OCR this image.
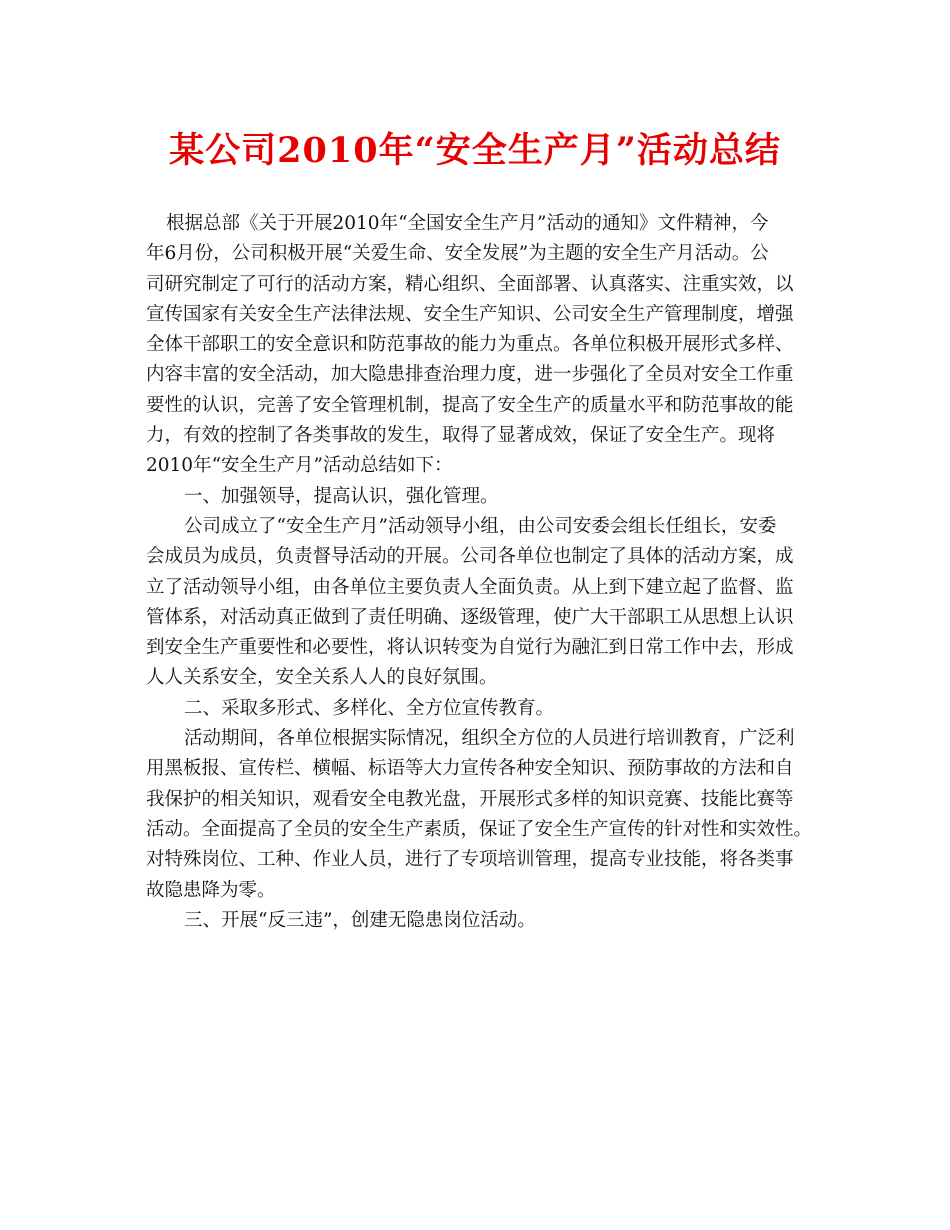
某公司2010年“安全生产月”活动总结

根据总部《关于开展2010年“全国安全生产月”活动的通知》文件精神，今

年6月份，公司积极开展“关爱生命、安全发展”为主题的安全生产月活动。公

司研究制定了可行的活动方案，精心组织、全面部署、认真落实、注重实效，以

宣传国家有关安全生产法律法规、安全生产知识、公司安全生产管理制度，增强

全体干部职工的安全意识和防范事故的能力为重点。各单位积极开展形式多样、

内容丰富的安全活动，加大隐患排查治理力度，进一步强化了全员对安全工作重

要性的认识，完善了安全管理机制，提高了安全生产的质量水平和防范事故的能

力，有效的控制了各类事故的发生，取得了显著成效，保证了安全生产。现将

2010年“安全生产月”活动总结如下：

一、加强领导，提高认识，强化管理。

公司成立了“安全生产月”活动领导小组，由公司安委会组长任组长，安委

会成员为成员，负责督导活动的开展。公司各单位也制定了具体的活动方案，成

立了活动领导小组，由各单位主要负责人全面负责。从上到下建立起了监督、监

管体系，对活动真正做到了责任明确、逐级管理，使广大干部职工从思想上认识

到安全生产重要性和必要性，将认识转变为自觉行为融汇到日常工作中去，形成

人人关系安全，安全关系人人的良好氛围。

二、采取多形式、多样化、全方位宣传教育。

活动期间，各单位根据实际情况，组织全方位的人员进行培训教育，广泛利

用黑板报、宣传栏、横幅、标语等大力宣传各种安全知识、预防事故的方法和自

我保护的相关知识，观看安全电教光盘，开展形式多样的知识竞赛、技能比赛等

活动。全面提高了全员的安全生产素质，保证了安全生产宣传的针对性和实效性。

对特殊岗位、工种、作业人员，进行了专项培训管理，提高专业技能，将各类事

故隐患降为零。

三、开展“反三违”，创建无隐患岗位活动。
